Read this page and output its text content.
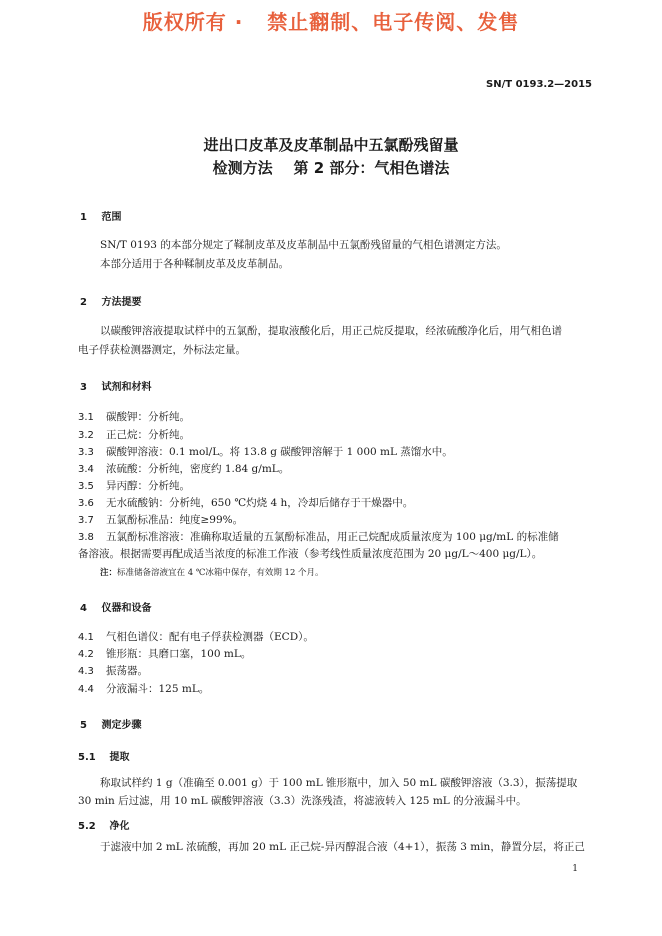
版权所有 ·   禁止翻制、电子传阅、发售
SN/T 0193.2—2015
进出口皮革及皮革制品中五氯酚残留量
检测方法    第 2 部分：气相色谱法
1 范围
SN/T 0193 的本部分规定了鞣制皮革及皮革制品中五氯酚残留量的气相色谱测定方法。
本部分适用于各种鞣制皮革及皮革制品。
2 方法提要
以碳酸钾溶液提取试样中的五氯酚，提取液酸化后，用正己烷反提取，经浓硫酸净化后，用气相色谱
电子俘获检测器测定，外标法定量。
3 试剂和材料
3.1 碳酸钾：分析纯。
3.2 正己烷：分析纯。
3.3 碳酸钾溶液：0.1 mol/L。将 13.8 g 碳酸钾溶解于 1 000 mL 蒸馏水中。
3.4 浓硫酸：分析纯，密度约 1.84 g/mL。
3.5 异丙醇：分析纯。
3.6 无水硫酸钠：分析纯，650 ℃灼烧 4 h，冷却后储存于干燥器中。
3.7 五氯酚标准品：纯度≥99%。
3.8 五氯酚标准溶液：准确称取适量的五氯酚标准品，用正己烷配成质量浓度为 100 μg/mL 的标准储
备溶液。根据需要再配成适当浓度的标准工作液（参考线性质量浓度范围为 20 μg/L～400 μg/L）。
注：标准储备溶液宜在 4 ℃冰箱中保存，有效期 12 个月。
4 仪器和设备
4.1 气相色谱仪：配有电子俘获检测器（ECD）。
4.2 锥形瓶：具磨口塞，100 mL。
4.3 振荡器。
4.4 分液漏斗：125 mL。
5 测定步骤
5.1 提取
称取试样约 1 g（准确至 0.001 g）于 100 mL 锥形瓶中，加入 50 mL 碳酸钾溶液（3.3），振荡提取
30 min 后过滤，用 10 mL 碳酸钾溶液（3.3）洗涤残渣，将滤液转入 125 mL 的分液漏斗中。
5.2 净化
于滤液中加 2 mL 浓硫酸，再加 20 mL 正己烷-异丙醇混合液（4+1），振荡 3 min，静置分层，将正己
1
